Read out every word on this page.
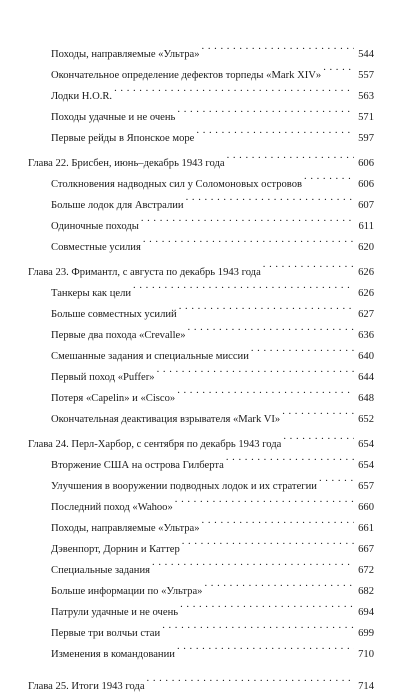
Походы, направляемые «Ультра» . . .	544
Окончательное определение дефектов торпеды «Mark XIV» . . .	557
Лодки H.O.R. . . .	563
Походы удачные и не очень . . .	571
Первые рейды в Японское море . . .	597
Глава 22. Брисбен, июнь–декабрь 1943 года . . .	606
Столкновения надводных сил у Соломоновых островов . . .	606
Больше лодок для Австралии . . .	607
Одиночные походы . . .	611
Совместные усилия . . .	620
Глава 23. Фримантл, с августа по декабрь 1943 года . . .	626
Танкеры как цели . . .	626
Больше совместных усилий . . .	627
Первые два похода «Crevalle» . . .	636
Смешанные задания и специальные миссии . . .	640
Первый поход «Puffer» . . .	644
Потеря «Capelin» и «Cisco» . . .	648
Окончательная деактивация взрывателя «Mark VI» . . .	652
Глава 24. Перл-Харбор, с сентября по декабрь 1943 года . . .	654
Вторжение США на острова Гилберта . . .	654
Улучшения в вооружении подводных лодок и их стратегии . . .	657
Последний поход «Wahoo» . . .	660
Походы, направляемые «Ультра» . . .	661
Дэвенпорт, Дорнин и Каттер . . .	667
Специальные задания . . .	672
Больше информации по «Ультра» . . .	682
Патрули удачные и не очень . . .	694
Первые три волчьи стаи . . .	699
Изменения в командовании . . .	710
Глава 25. Итоги 1943 года . . .	714
